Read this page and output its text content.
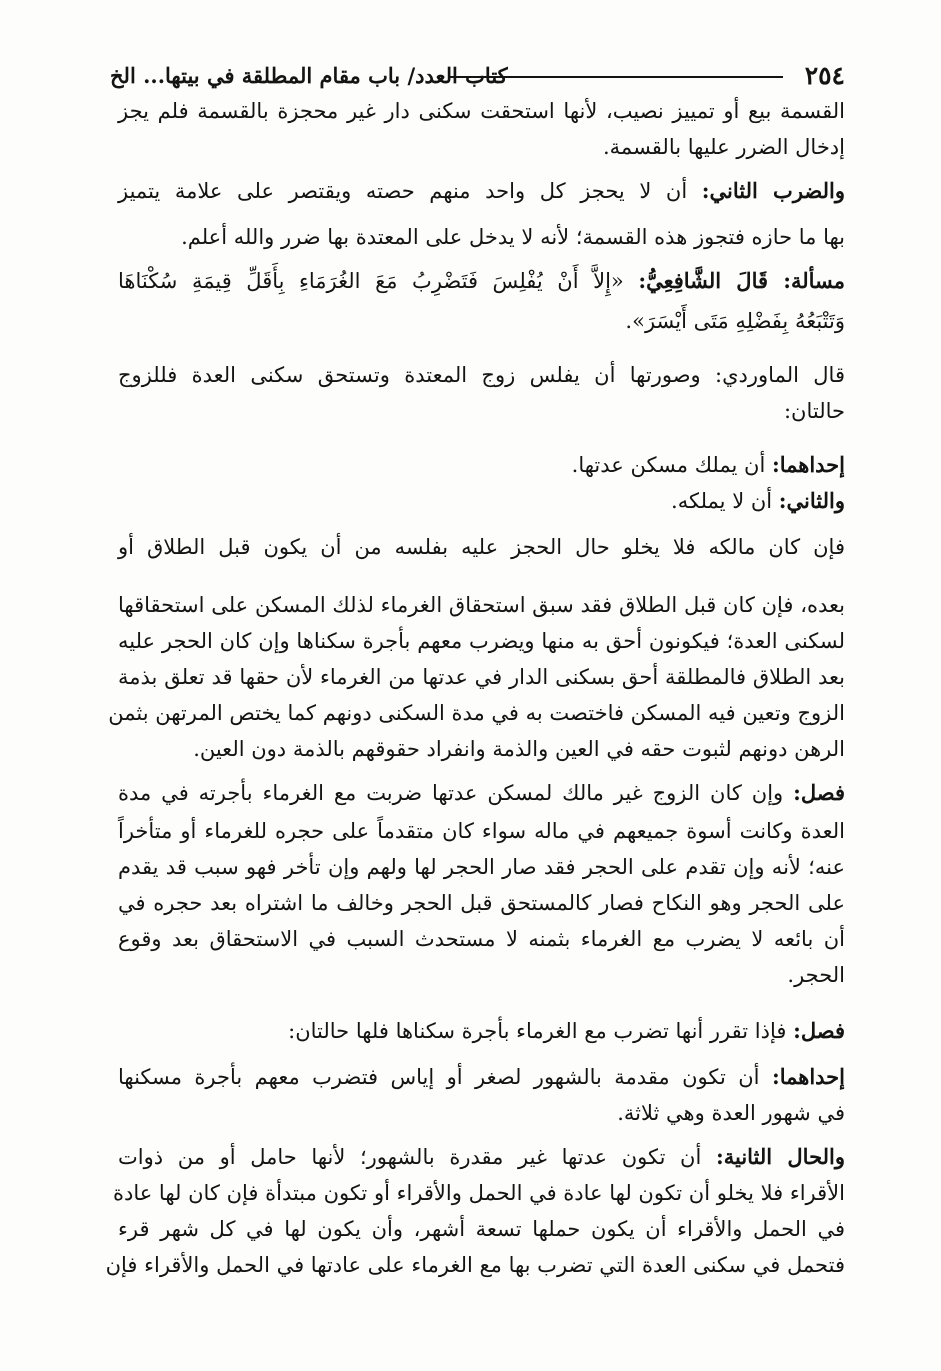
٢٥٤
كتاب العدد/ باب مقام المطلقة في بيتها... الخ
القسمة بيع أو تمييز نصيب، لأنها استحقت سكنى دار غير محجزة بالقسمة فلم يجز
إدخال الضرر عليها بالقسمة.
والضرب الثاني: أن لا يحجز كل واحد منهم حصته ويقتصر على علامة يتميز
بها ما حازه فتجوز هذه القسمة؛ لأنه لا يدخل على المعتدة بها ضرر والله أعلم.
مسألة: قَالَ الشَّافِعِيُّ: «إِلاَّ أَنْ يُفْلِسَ فَتَضْرِبُ مَعَ الغُرَمَاءِ بِأَقَلِّ قِيمَةِ سُكْنَاهَا
وَتَتْبَعُهُ بِفَضْلِهِ مَتَى أَيْسَرَ».
قال الماوردي: وصورتها أن يفلس زوج المعتدة وتستحق سكنى العدة فللزوج
حالتان:
إحداهما: أن يملك مسكن عدتها.
والثاني: أن لا يملكه.
فإن كان مالكه فلا يخلو حال الحجز عليه بفلسه من أن يكون قبل الطلاق أو
بعده، فإن كان قبل الطلاق فقد سبق استحقاق الغرماء لذلك المسكن على استحقاقها
لسكنى العدة؛ فيكونون أحق به منها ويضرب معهم بأجرة سكناها وإن كان الحجر عليه
بعد الطلاق فالمطلقة أحق بسكنى الدار في عدتها من الغرماء لأن حقها قد تعلق بذمة
الزوج وتعين فيه المسكن فاختصت به في مدة السكنى دونهم كما يختص المرتهن بثمن
الرهن دونهم لثبوت حقه في العين والذمة وانفراد حقوقهم بالذمة دون العين.
فصل: وإن كان الزوج غير مالك لمسكن عدتها ضربت مع الغرماء بأجرته في مدة
العدة وكانت أسوة جميعهم في ماله سواء كان متقدماً على حجره للغرماء أو متأخراً
عنه؛ لأنه وإن تقدم على الحجر فقد صار الحجر لها ولهم وإن تأخر فهو سبب قد يقدم
على الحجر وهو النكاح فصار كالمستحق قبل الحجر وخالف ما اشتراه بعد حجره في
أن بائعه لا يضرب مع الغرماء بثمنه لا مستحدث السبب في الاستحقاق بعد وقوع
الحجر.
فصل: فإذا تقرر أنها تضرب مع الغرماء بأجرة سكناها فلها حالتان:
إحداهما: أن تكون مقدمة بالشهور لصغر أو إياس فتضرب معهم بأجرة مسكنها
في شهور العدة وهي ثلاثة.
والحال الثانية: أن تكون عدتها غير مقدرة بالشهور؛ لأنها حامل أو من ذوات
الأقراء فلا يخلو أن تكون لها عادة في الحمل والأقراء أو تكون مبتدأة فإن كان لها عادة
في الحمل والأقراء أن يكون حملها تسعة أشهر، وأن يكون لها في كل شهر قرء
فتحمل في سكنى العدة التي تضرب بها مع الغرماء على عادتها في الحمل والأقراء فإن
